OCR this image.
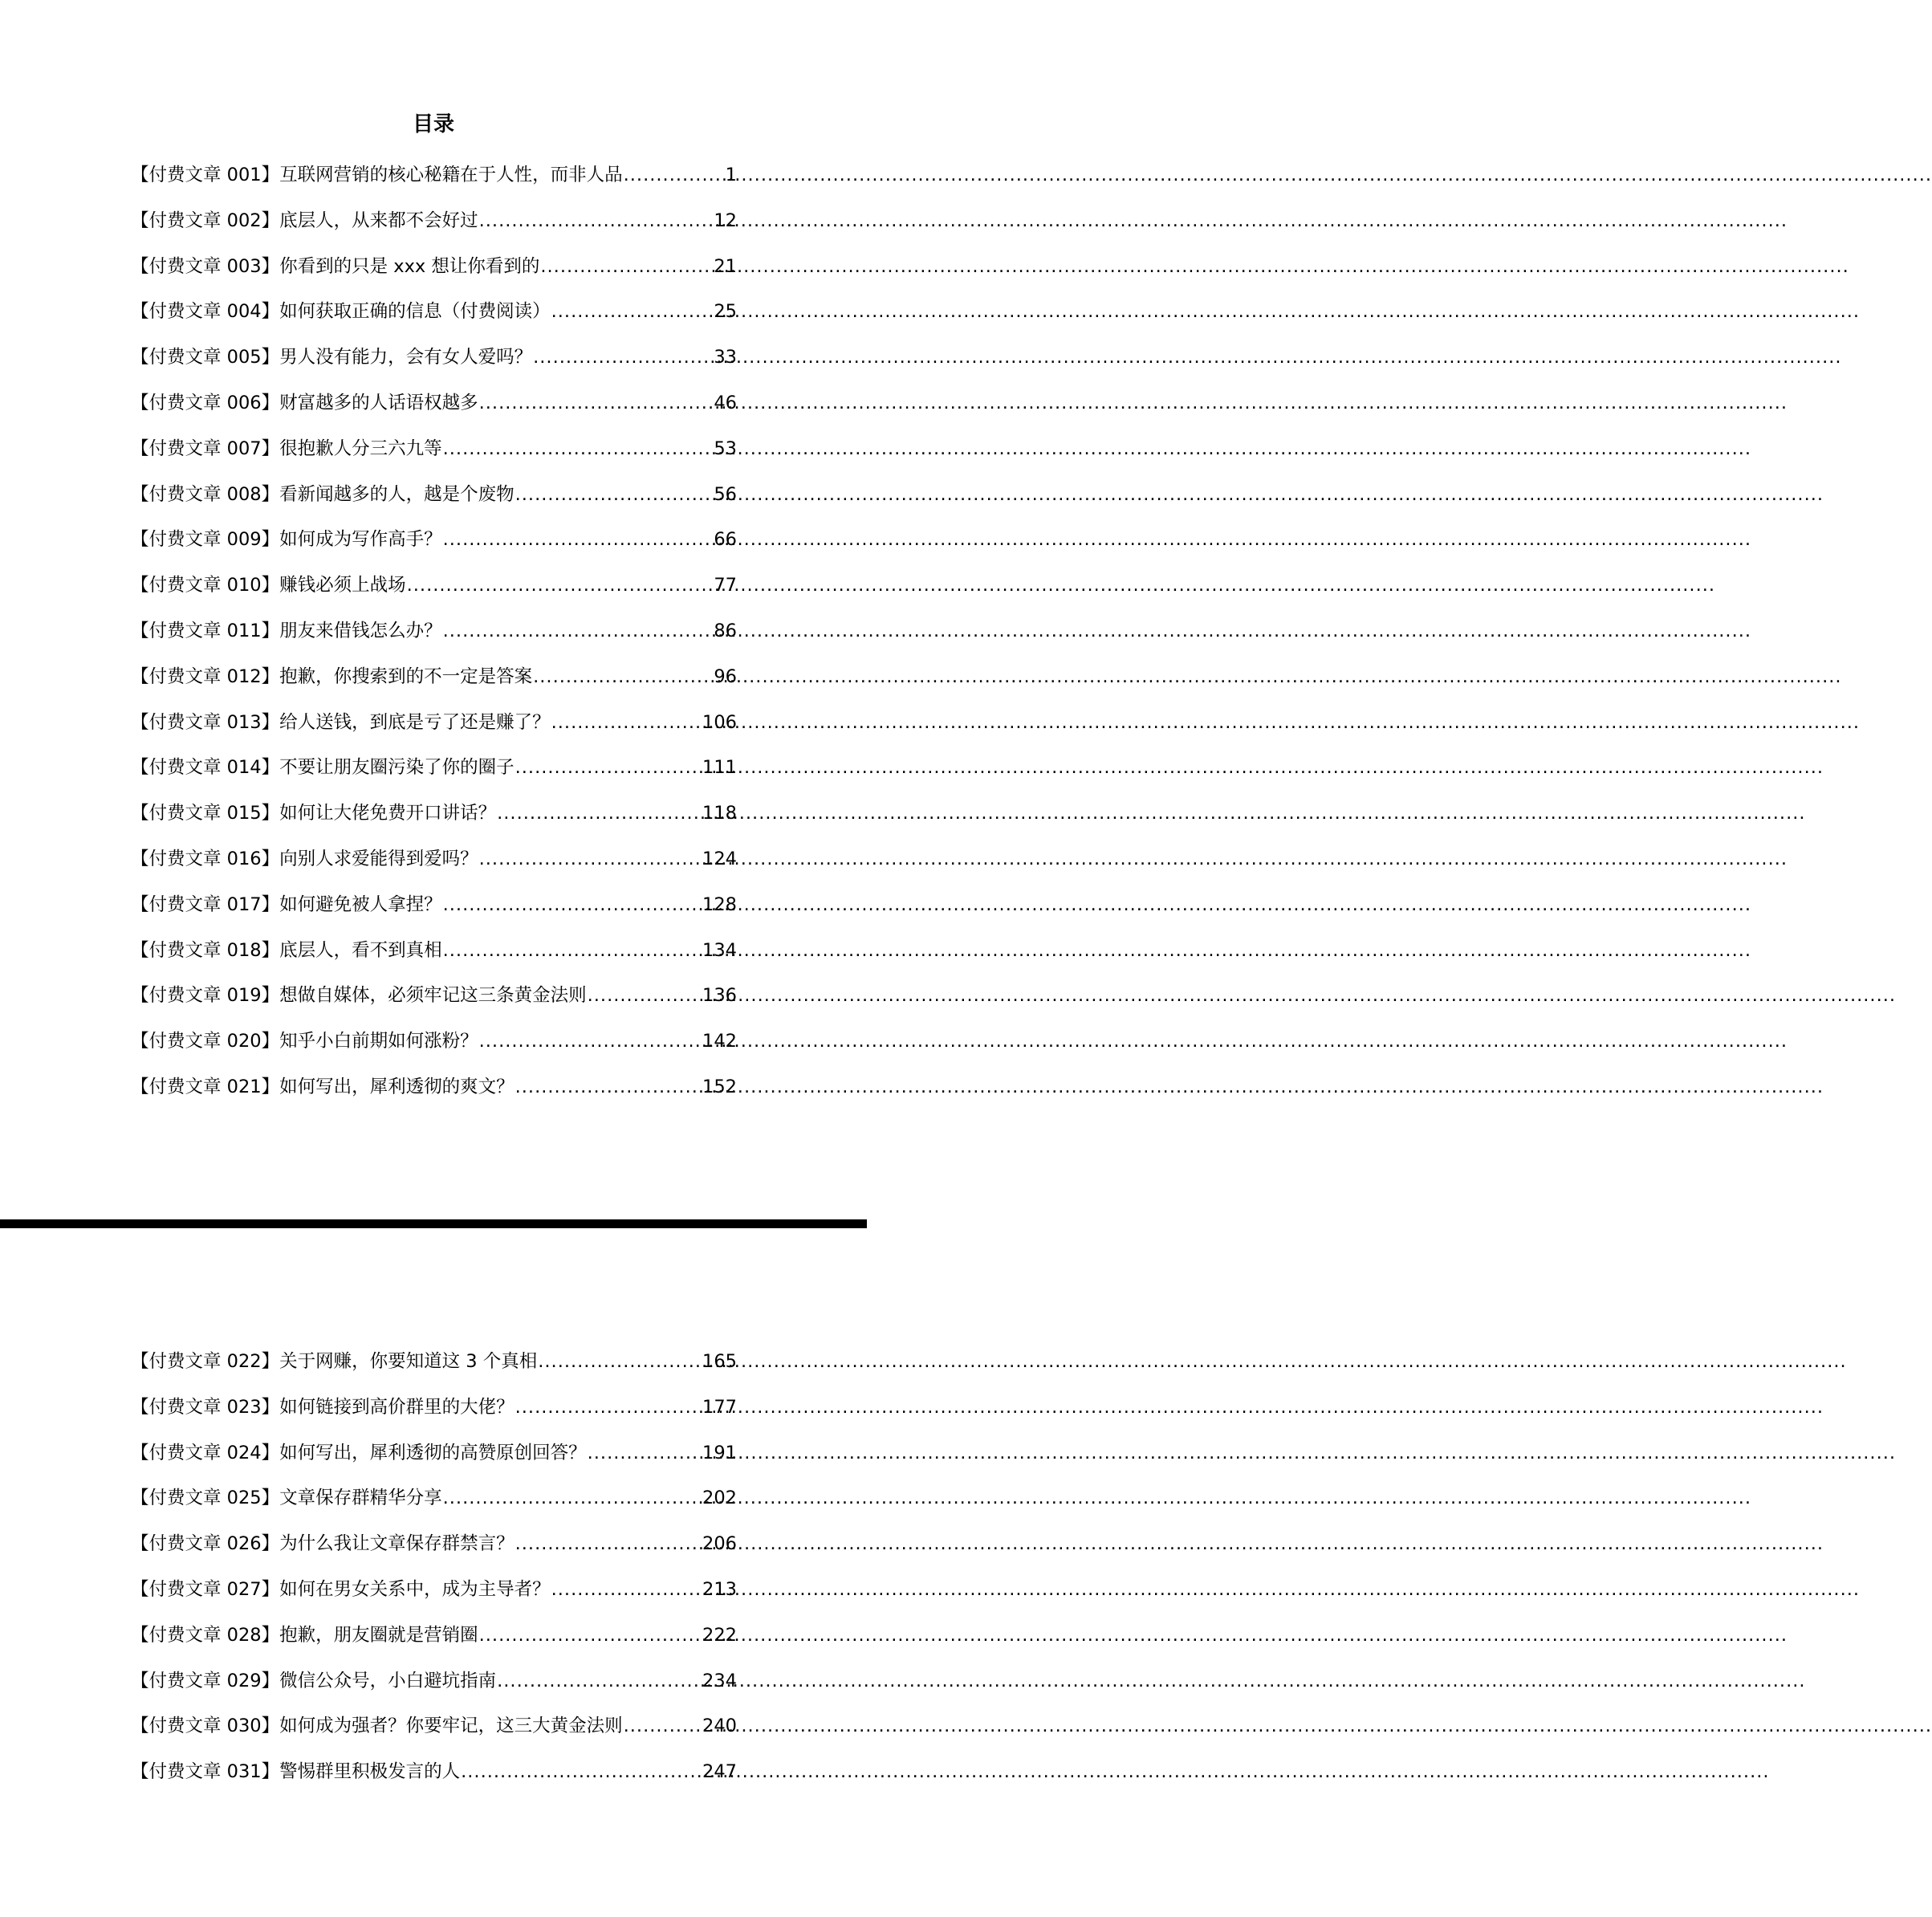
目录
【付费文章 001】 互联网营销的核心秘籍在于人性，而非人品 .....	1
【付费文章 002】 底层人，从来都不会好过 .....	12
【付费文章 003】 你看到的只是 xxx 想让你看到的 .....	21
【付费文章 004】 如何获取正确的信息（付费阅读） .....	25
【付费文章 005】 男人没有能力，会有女人爱吗？ .....	33
【付费文章 006】 财富越多的人话语权越多 .....	46
【付费文章 007】 很抱歉人分三六九等 .....	53
【付费文章 008】 看新闻越多的人，越是个废物 .....	56
【付费文章 009】 如何成为写作高手？ .....	66
【付费文章 010】 赚钱必须上战场 .....	77
【付费文章 011】 朋友来借钱怎么办？ .....	86
【付费文章 012】 抱歉，你搜索到的不一定是答案 .....	96
【付费文章 013】 给人送钱，到底是亏了还是赚了？ .....	106
【付费文章 014】 不要让朋友圈污染了你的圈子 .....	111
【付费文章 015】 如何让大佬免费开口讲话？ .....	118
【付费文章 016】 向别人求爱能得到爱吗？ .....	124
【付费文章 017】 如何避免被人拿捏？ .....	128
【付费文章 018】 底层人，看不到真相 .....	134
【付费文章 019】 想做自媒体，必须牢记这三条黄金法则 .....	136
【付费文章 020】 知乎小白前期如何涨粉？ .....	142
【付费文章 021】 如何写出，犀利透彻的爽文？ .....	152
【付费文章 022】 关于网赚，你要知道这 3 个真相 .....	165
【付费文章 023】 如何链接到高价群里的大佬？ .....	177
【付费文章 024】 如何写出，犀利透彻的高赞原创回答？ .....	191
【付费文章 025】 文章保存群精华分享 .....	202
【付费文章 026】 为什么我让文章保存群禁言？ .....	206
【付费文章 027】 如何在男女关系中，成为主导者？ .....	213
【付费文章 028】 抱歉，朋友圈就是营销圈 .....	222
【付费文章 029】 微信公众号，小白避坑指南 .....	234
【付费文章 030】 如何成为强者？你要牢记，这三大黄金法则 .....	240
【付费文章 031】 警惕群里积极发言的人 .....	247
